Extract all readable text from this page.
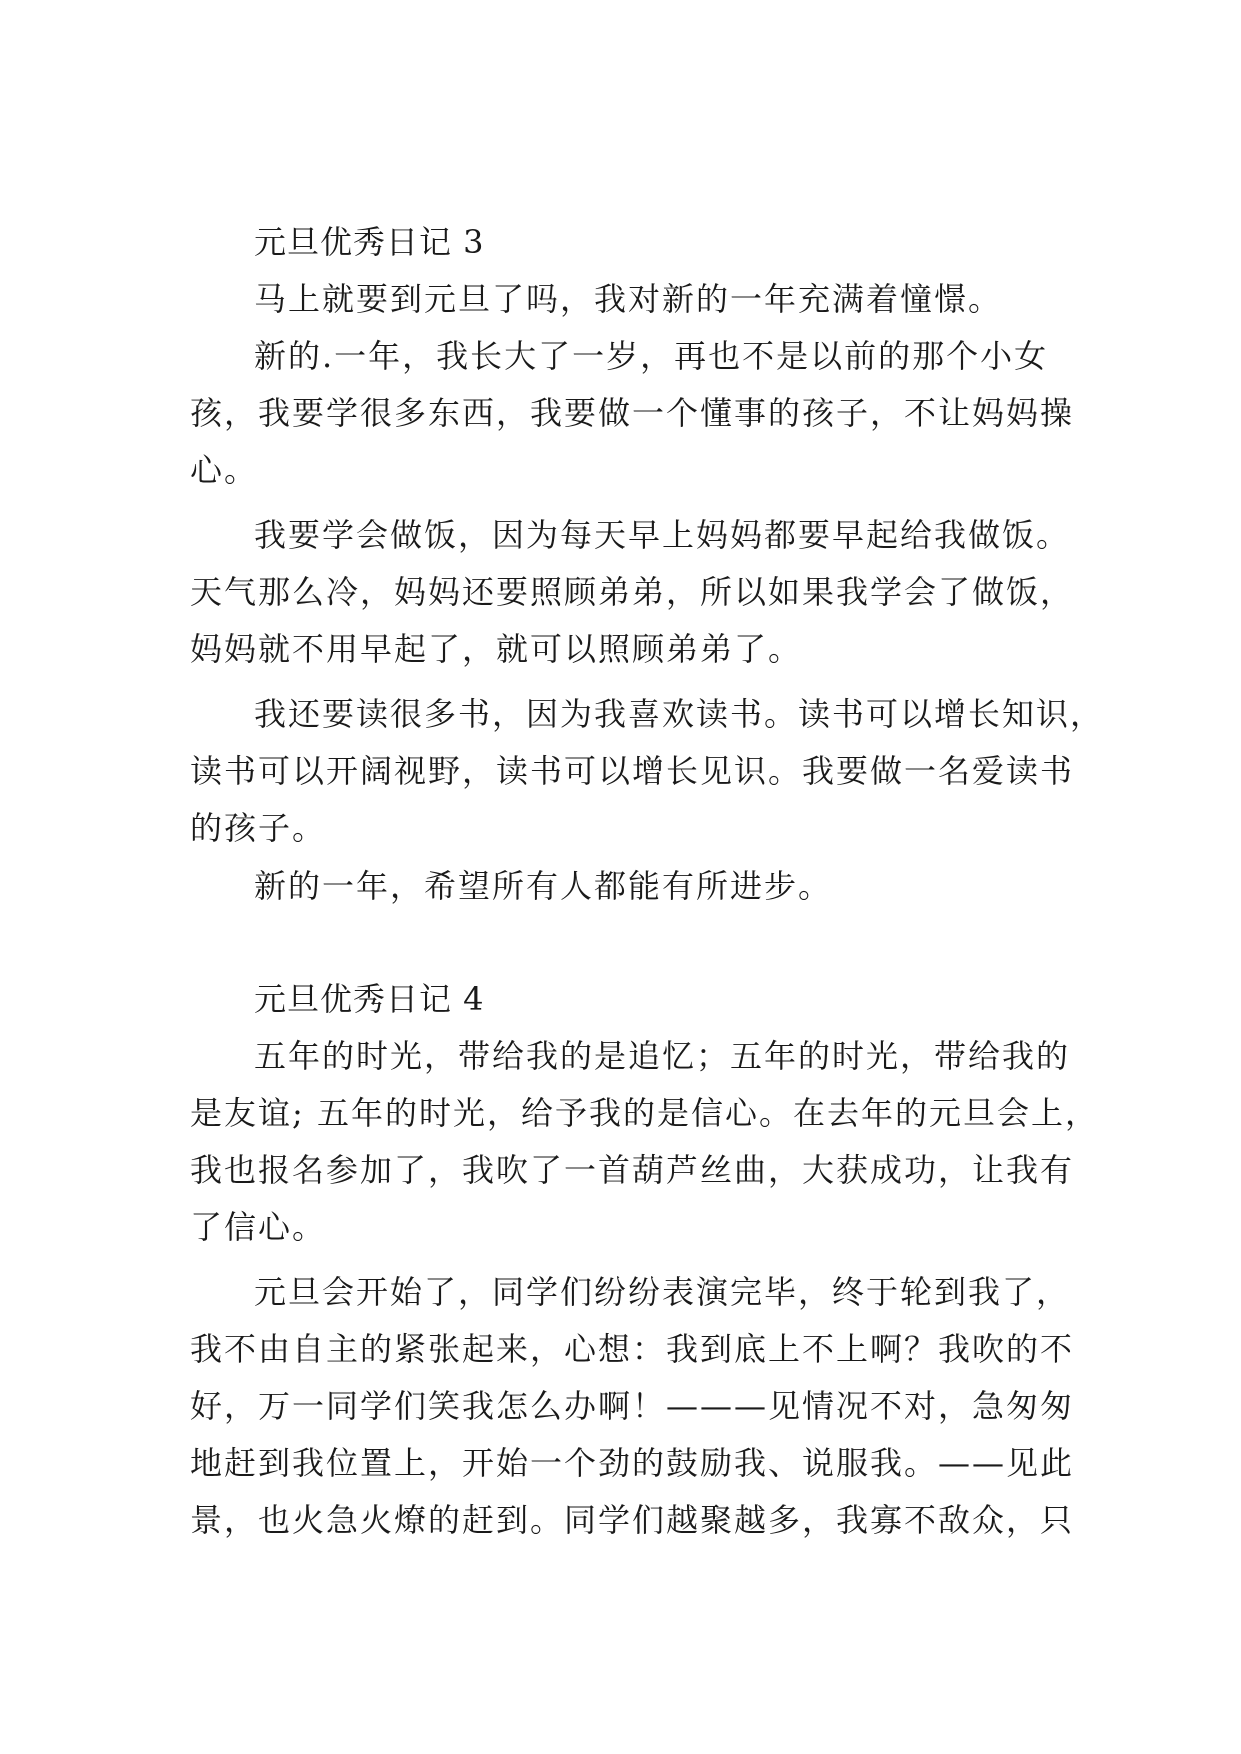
元旦优秀日记 3
马上就要到元旦了吗，我对新的一年充满着憧憬。
新的.一年，我长大了一岁，再也不是以前的那个小女
孩，我要学很多东西，我要做一个懂事的孩子，不让妈妈操
心。
我要学会做饭，因为每天早上妈妈都要早起给我做饭。
天气那么冷，妈妈还要照顾弟弟，所以如果我学会了做饭，
妈妈就不用早起了，就可以照顾弟弟了。
我还要读很多书，因为我喜欢读书。读书可以增长知识，
读书可以开阔视野，读书可以增长见识。我要做一名爱读书
的孩子。
新的一年，希望所有人都能有所进步。
元旦优秀日记 4
五年的时光，带给我的是追忆；五年的时光，带给我的
是友谊; 五年的时光，给予我的是信心。在去年的元旦会上，
我也报名参加了，我吹了一首葫芦丝曲，大获成功，让我有
了信心。
元旦会开始了，同学们纷纷表演完毕，终于轮到我了，
我不由自主的紧张起来，心想：我到底上不上啊？我吹的不
好，万一同学们笑我怎么办啊！———见情况不对，急匆匆
地赶到我位置上，开始一个劲的鼓励我、说服我。——见此
景，也火急火燎的赶到。同学们越聚越多，我寡不敌众，只
